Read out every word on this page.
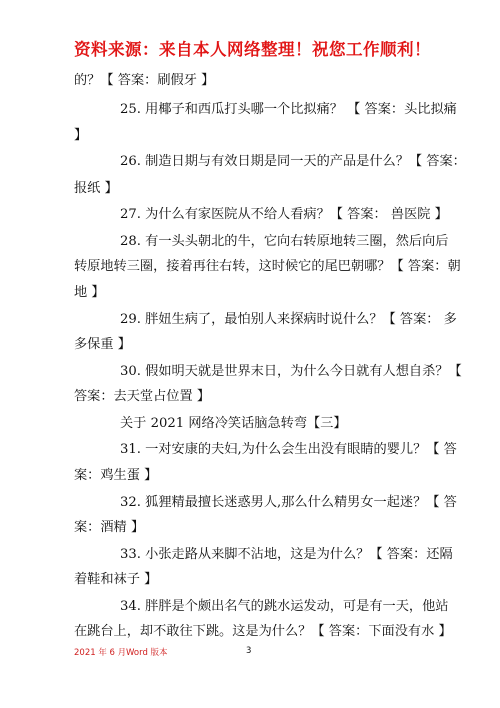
资料来源：来自本人网络整理！祝您工作顺利！
的？【 答案：刷假牙 】
25. 用椰子和西瓜打头哪一个比拟痛？ 【 答案：头比拟痛
】
26. 制造日期与有效日期是同一天的产品是什么？【 答案：
报纸 】
27. 为什么有家医院从不给人看病？【 答案： 兽医院 】
28. 有一头头朝北的牛，它向右转原地转三圈，然后向后
转原地转三圈，接着再往右转，这时候它的尾巴朝哪？【 答案：朝
地 】
29. 胖妞生病了，最怕别人来探病时说什么？【 答案： 多
多保重 】
30. 假如明天就是世界末日，为什么今日就有人想自杀？【
答案：去天堂占位置 】
关于 2021 网络冷笑话脑急转弯【三】
31. 一对安康的夫妇,为什么会生出没有眼睛的婴儿？【 答
案：鸡生蛋 】
32. 狐狸精最擅长迷惑男人,那么什么精男女一起迷？【 答
案：酒精 】
33. 小张走路从来脚不沾地，这是为什么？【 答案：还隔
着鞋和袜子 】
34. 胖胖是个颇出名气的跳水运发动，可是有一天，他站
在跳台上，却不敢往下跳。这是为什么？【 答案：下面没有水 】
2021 年 6 月 Word 版本	3
